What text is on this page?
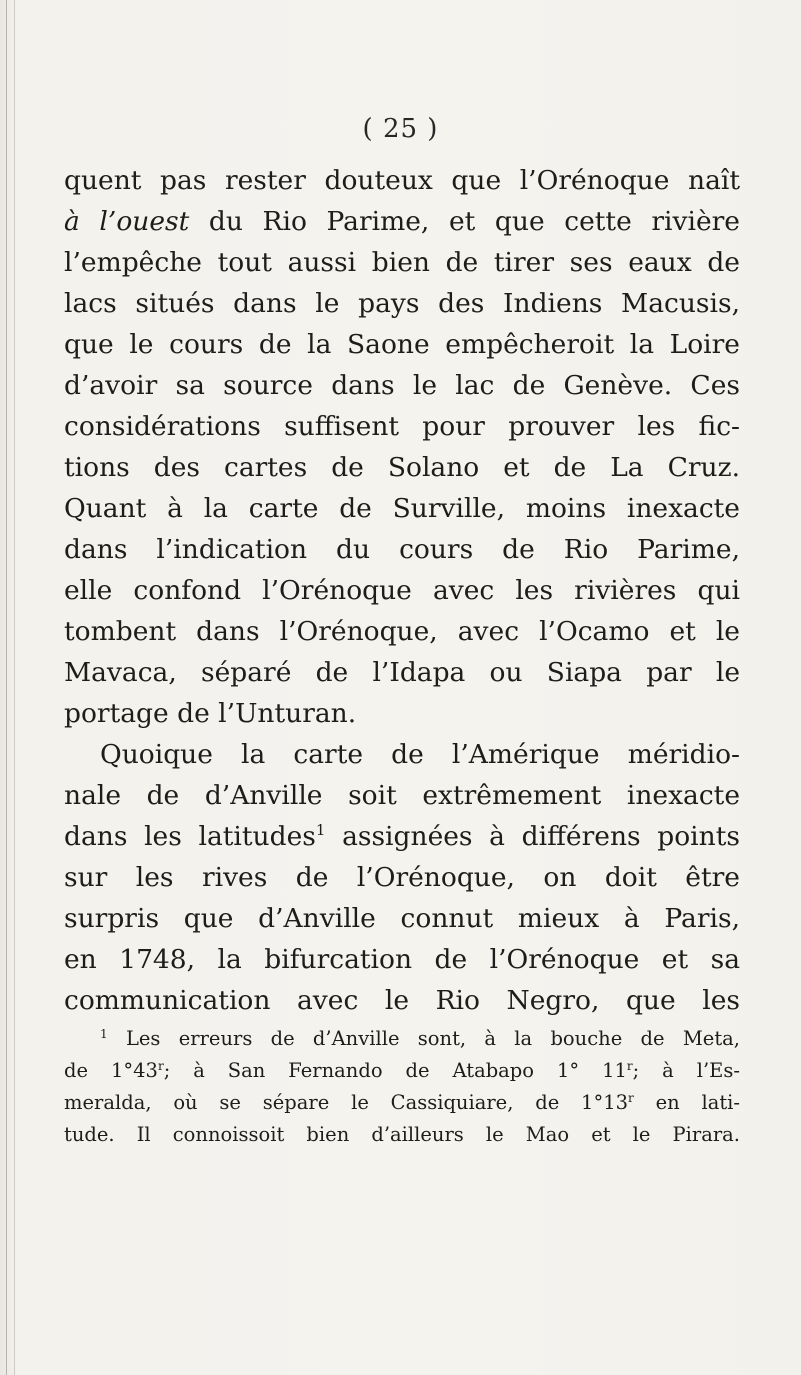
( 25 )
quent pas rester douteux que l’Orénoque naît
à l’ouest du Rio Parime, et que cette rivière
l’empêche tout aussi bien de tirer ses eaux de
lacs situés dans le pays des Indiens Macusis,
que le cours de la Saone empêcheroit la Loire
d’avoir sa source dans le lac de Genève. Ces
considérations suffisent pour prouver les fic-
tions des cartes de Solano et de La Cruz.
Quant à la carte de Surville, moins inexacte
dans l’indication du cours de Rio Parime,
elle confond l’Orénoque avec les rivières qui
tombent dans l’Orénoque, avec l’Ocamo et le
Mavaca, séparé de l’Idapa ou Siapa par le
portage de l’Unturan.
Quoique la carte de l’Amérique méridio-
nale de d’Anville soit extrêmement inexacte
dans les latitudes$^1$ assignées à différens points
sur les rives de l’Orénoque, on doit être
surpris que d’Anville connut mieux à Paris,
en 1748, la bifurcation de l’Orénoque et sa
communication avec le Rio Negro, que les
$^1$ Les erreurs de d’Anville sont, à la bouche de Meta,
de 1°43$^r$; à San Fernando de Atabapo 1° 11$^r$; à l’Es-
meralda, où se sépare le Cassiquiare, de 1°13$^r$ en lati-
tude. Il connoissoit bien d’ailleurs le Mao et le Pirara.
